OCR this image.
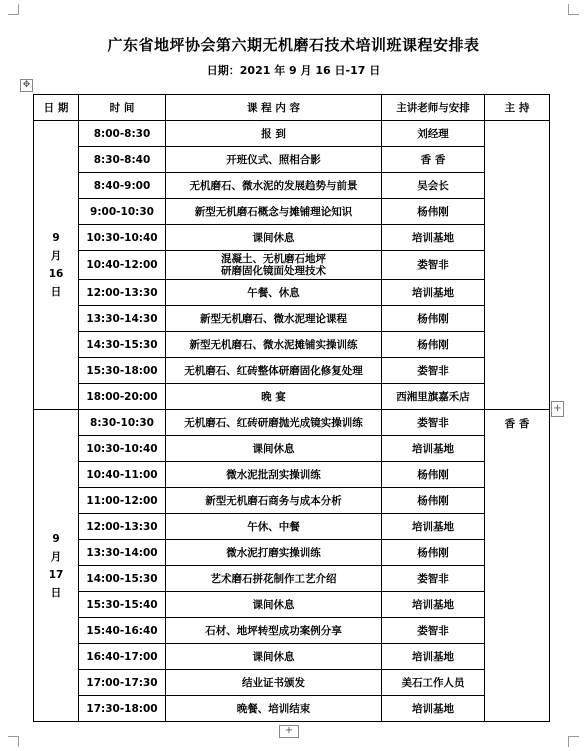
广东省地坪协会第六期无机磨石技术培训班课程安排表
日期：2021 年 9 月 16 日-17 日
✥
日 期	时 间	课 程 内 容	主讲老师与安排	主 持

9
月
16
日	8:00-8:30	报 到	刘经理	
	8:30-8:40	开班仪式、照相合影	香 香	
	8:40-9:00	无机磨石、微水泥的发展趋势与前景	吴会长	
	9:00-10:30	新型无机磨石概念与摊铺理论知识	杨伟刚	
	10:30-10:40	课间休息	培训基地	
	10:40-12:00	混凝土、无机磨石地坪
研磨固化镜面处理技术	娄智非	
	12:00-13:30	午餐、休息	培训基地	
	13:30-14:30	新型无机磨石、微水泥理论课程	杨伟刚	
	14:30-15:30	新型无机磨石、微水泥摊铺实操训练	杨伟刚	
	15:30-18:00	无机磨石、红砖整体研磨固化修复处理	娄智非	
	18:00-20:00	晚 宴	西湘里旗嘉禾店	

9
月
17
日	8:30-10:30	无机磨石、红砖研磨抛光成镜实操训练	娄智非	香 香
	10:30-10:40	课间休息	培训基地	
	10:40-11:00	微水泥批刮实操训练	杨伟刚	
	11:00-12:00	新型无机磨石商务与成本分析	杨伟刚	
	12:00-13:30	午休、中餐	培训基地	
	13:30-14:00	微水泥打磨实操训练	杨伟刚	
	14:00-15:30	艺术磨石拼花制作工艺介绍	娄智非	
	15:30-15:40	课间休息	培训基地	
	15:40-16:40	石材、地坪转型成功案例分享	娄智非	
	16:40-17:00	课间休息	培训基地	
	17:00-17:30	结业证书颁发	美石工作人员	
	17:30-18:00	晚餐、培训结束	培训基地	
+
+
